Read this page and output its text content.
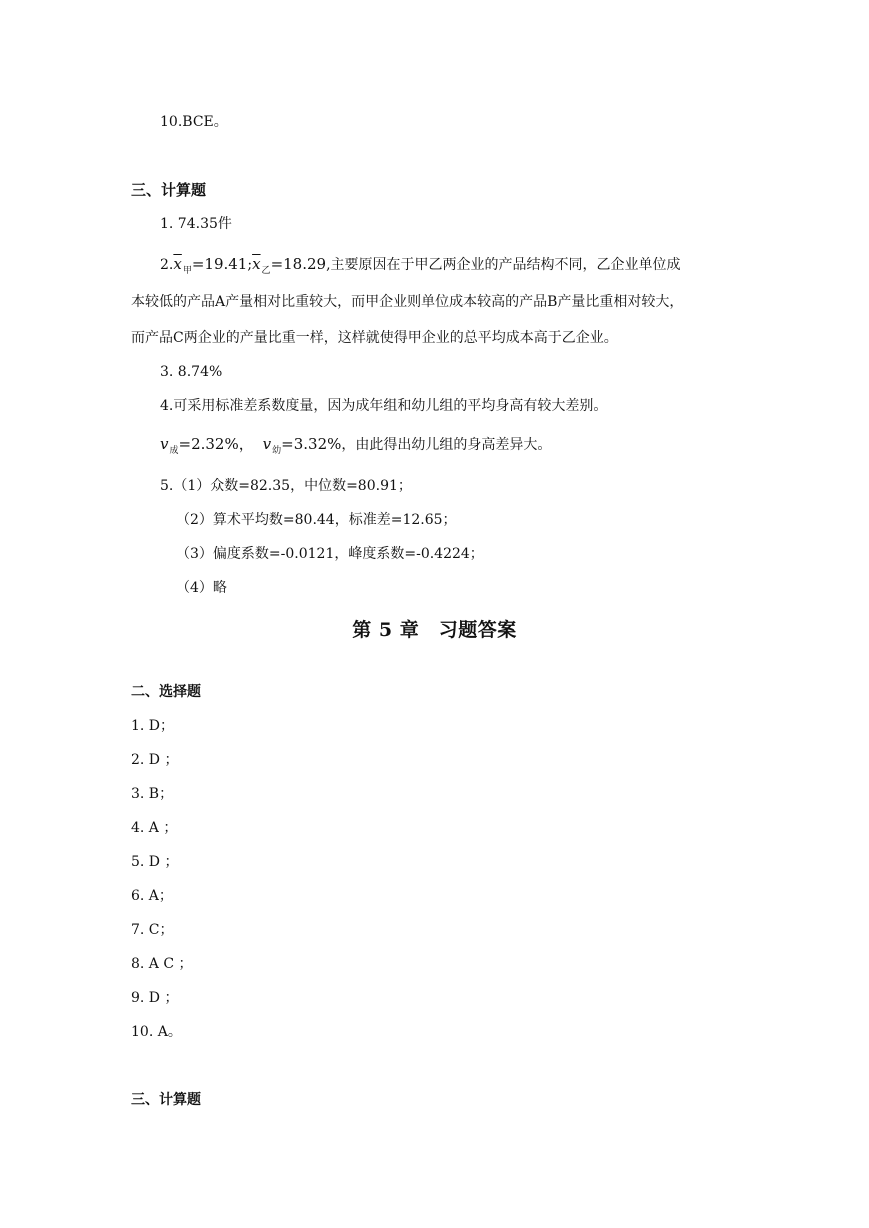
10.BCE。
三、计算题
1. 74.35件
$2.\overline{x}_甲=19.41;\overline{x}_乙=18.29$,主要原因在于甲乙两企业的产品结构不同，乙企业单位成
本较低的产品A产量相对比重较大，而甲企业则单位成本较高的产品B产量比重相对较大，
而产品C两企业的产量比重一样，这样就使得甲企业的总平均成本高于乙企业。
3. 8.74%
4.可采用标准差系数度量，因为成年组和幼儿组的平均身高有较大差别。
$v_成=2.32\%$， $v_幼=3.32\%$，由此得出幼儿组的身高差异大。
5.（1）众数=82.35，中位数=80.91；
（2）算术平均数=80.44，标准差=12.65；
（3）偏度系数=-0.0121，峰度系数=-0.4224；
（4）略
第 5 章　习题答案
二、选择题
1. D；
2. D ；
3. B；
4. A ；
5. D ；
6. A；
7. C；
8. A C ；
9. D ；
10. A。
三、计算题
